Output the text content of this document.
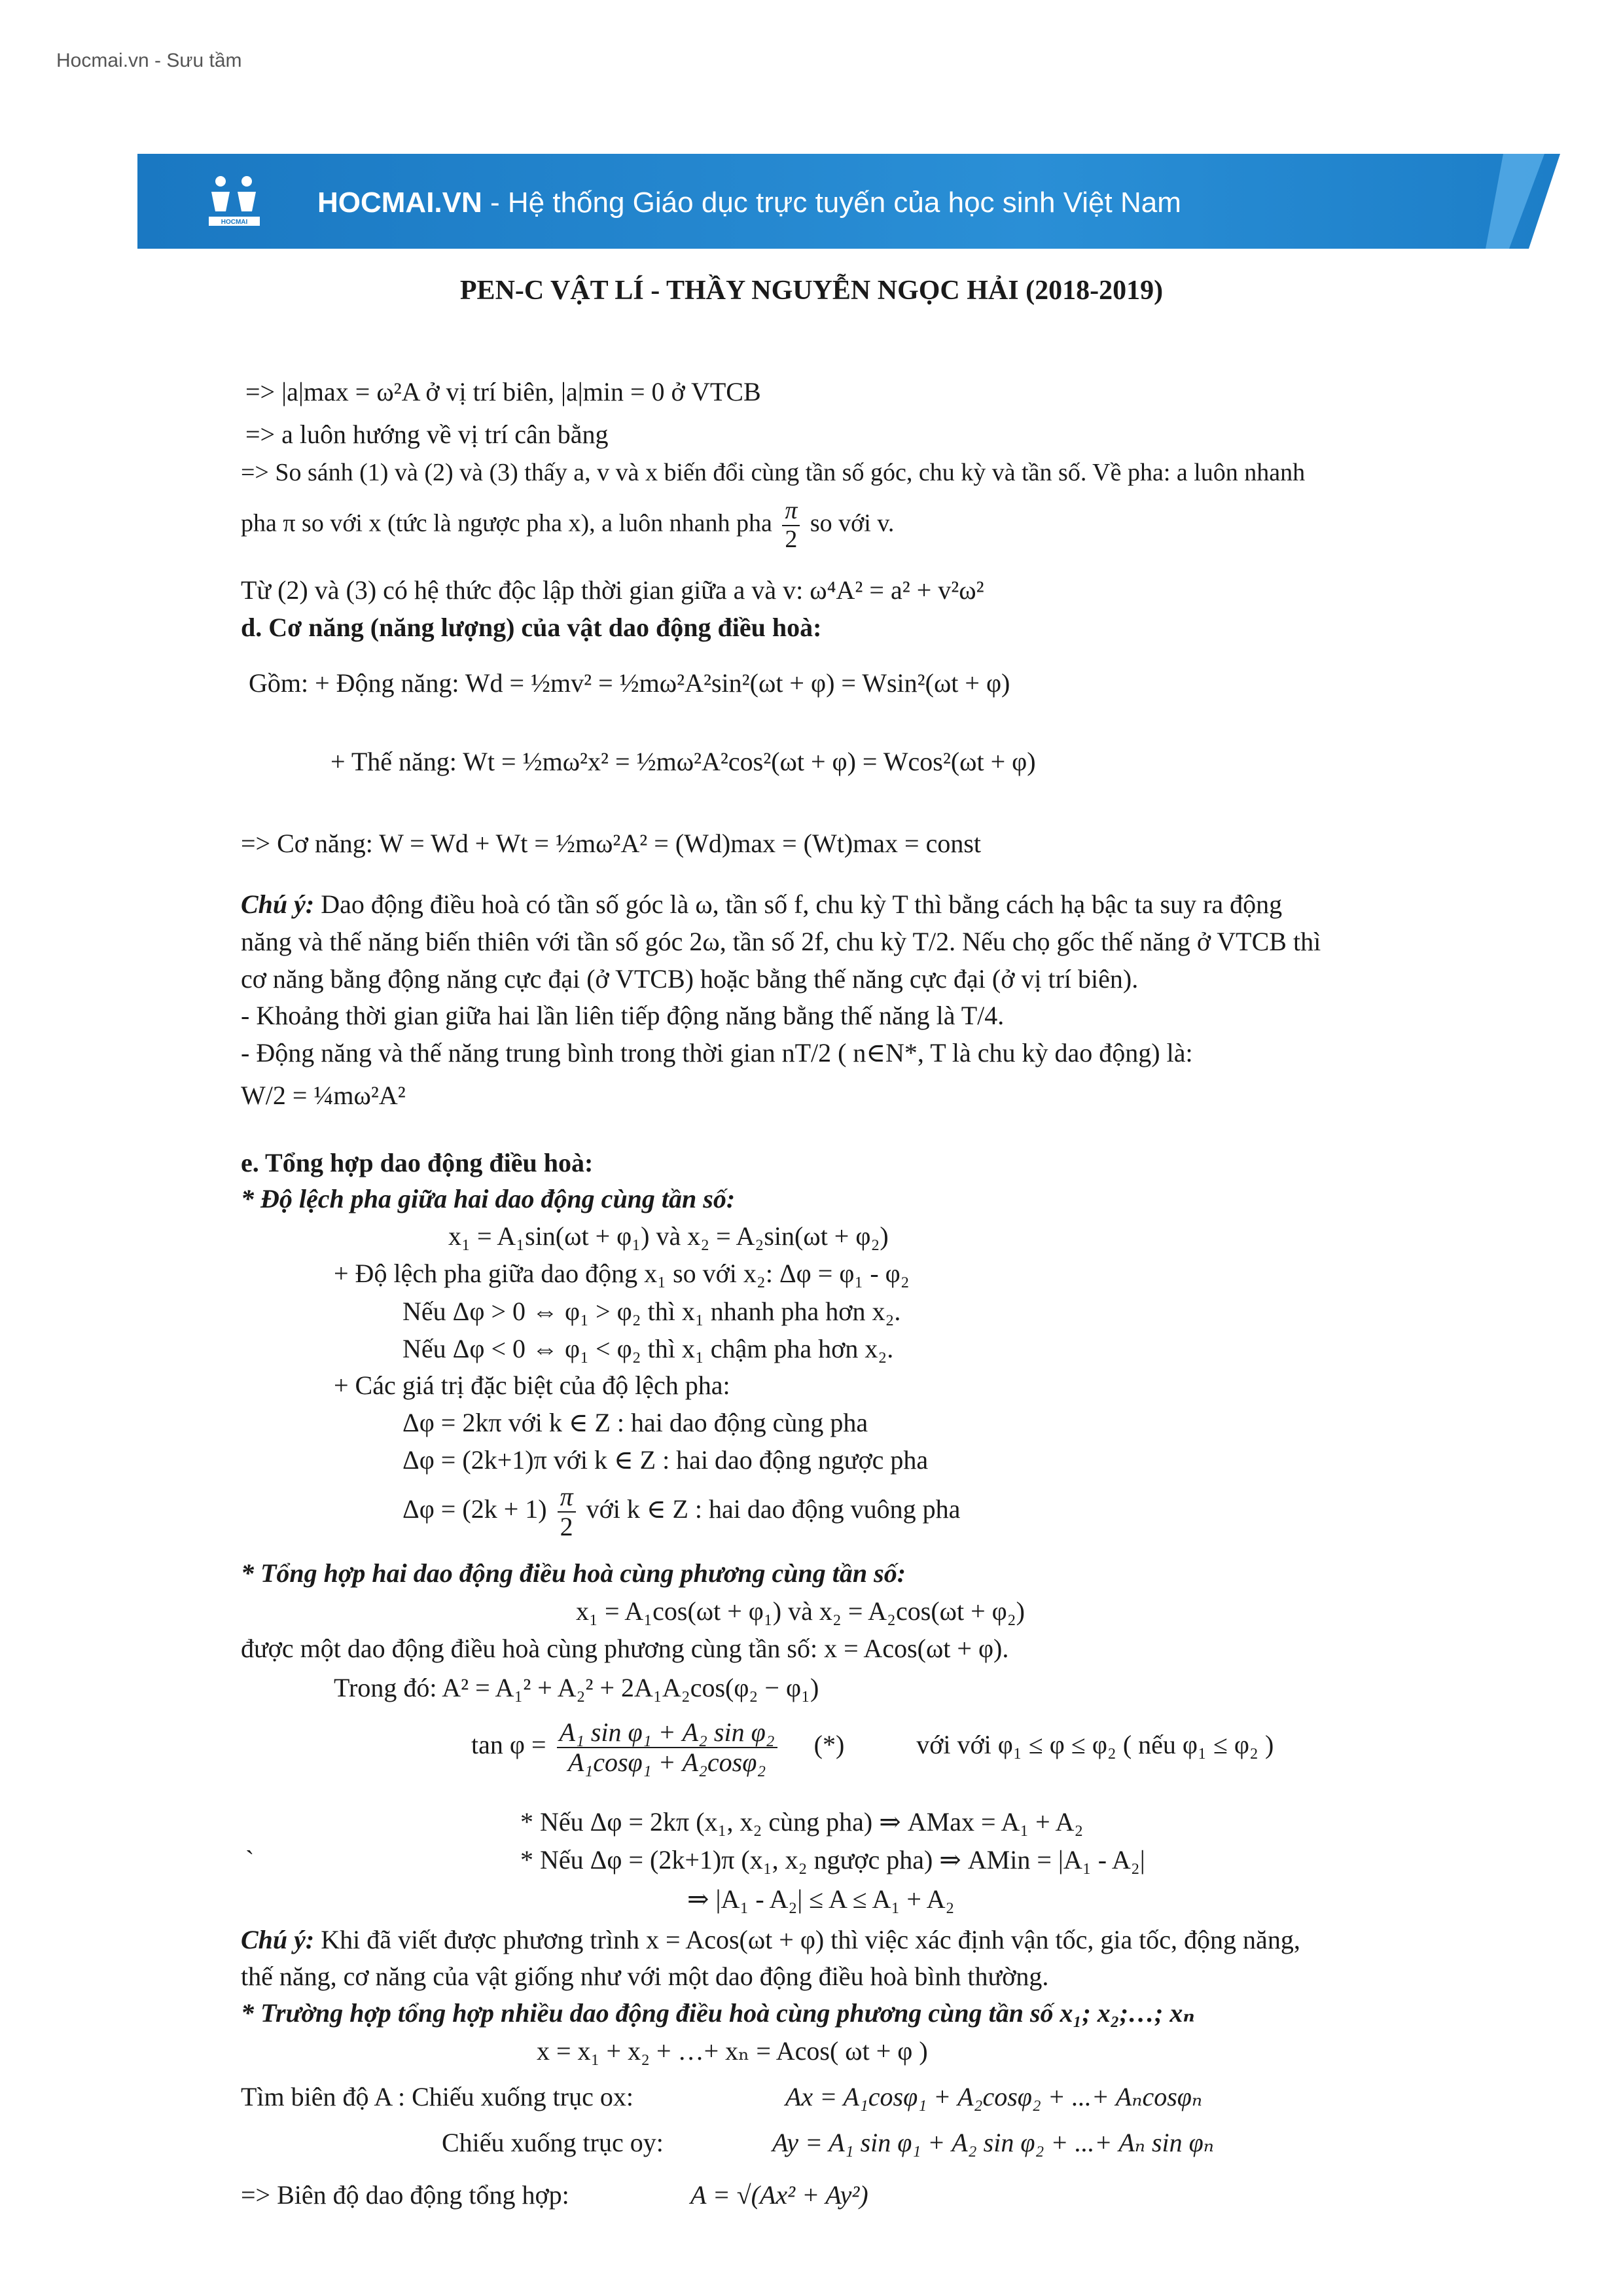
Hocmai.vn - Sưu tầm
HOCMAI
HOCMAI.VN - Hệ thống Giáo dục trực tuyến của học sinh Việt Nam
PEN-C VẬT LÍ - THẦY NGUYỄN NGỌC HẢI (2018-2019)
=> |a|max = ω²A ở vị trí biên, |a|min = 0 ở VTCB
=> a luôn hướng về vị trí cân bằng
=> So sánh (1) và (2) và (3) thấy a, v và x biến đổi cùng tần số góc, chu kỳ và tần số. Về pha: a luôn nhanh
pha π so với x (tức là ngược pha x), a luôn nhanh pha $\frac{\pi}{2}$ so với v.
Từ (2) và (3) có hệ thức độc lập thời gian giữa a và v: ω⁴A² = a² + v²ω²
d. Cơ năng (năng lượng) của vật dao động điều hoà:
Gồm: + Động năng: Wd = ½mv² = ½mω²A²sin²(ωt + φ) = Wsin²(ωt + φ)
+ Thế năng: Wt = ½mω²x² = ½mω²A²cos²(ωt + φ) = Wcos²(ωt + φ)
=> Cơ năng: W = Wd + Wt = ½mω²A² = (Wd)max = (Wt)max = const
Chú ý: Dao động điều hoà có tần số góc là ω, tần số f, chu kỳ T thì bằng cách hạ bậc ta suy ra động
năng và thế năng biến thiên với tần số góc 2ω, tần số 2f, chu kỳ T/2. Nếu chọ gốc thế năng ở VTCB thì
cơ năng bằng động năng cực đại (ở VTCB) hoặc bằng thế năng cực đại (ở vị trí biên).
- Khoảng thời gian giữa hai lần liên tiếp động năng bằng thế năng là T/4.
- Động năng và thế năng trung bình trong thời gian nT/2 ( n∈N*, T là chu kỳ dao động) là:
W/2 = ¼mω²A²
e. Tổng hợp dao động điều hoà:
* Độ lệch pha giữa hai dao động cùng tần số:
x₁ = A₁sin(ωt + φ₁) và x₂ = A₂sin(ωt + φ₂)
+ Độ lệch pha giữa dao động x₁ so với x₂: Δφ = φ₁ - φ₂
Nếu Δφ > 0 ⇔ φ₁ > φ₂ thì x₁ nhanh pha hơn x₂.
Nếu Δφ < 0 ⇔ φ₁ < φ₂ thì x₁ chậm pha hơn x₂.
+ Các giá trị đặc biệt của độ lệch pha:
Δφ = 2kπ với k ∈ Z : hai dao động cùng pha
Δφ = (2k+1)π với k ∈ Z : hai dao động ngược pha
$\Delta\varphi = (2k + 1) \frac{\pi}{2}$ với k ∈ Z : hai dao động vuông pha
* Tổng hợp hai dao động điều hoà cùng phương cùng tần số:
x₁ = A₁cos(ωt + φ₁) và x₂ = A₂cos(ωt + φ₂)
được một dao động điều hoà cùng phương cùng tần số: x = Acos(ωt + φ).
Trong đó: A² = A₁² + A₂² + 2A₁A₂cos(φ₂ − φ₁)
$\tan \varphi = \frac{\text{A₁ sin φ₁ + A₂ sin φ₂}}{\text{A₁cosφ₁ + A₂cosφ₂}}$ (*)	với với φ₁ ≤ φ ≤ φ₂ ( nếu φ₁ ≤ φ₂ )
* Nếu Δφ = 2kπ (x₁, x₂ cùng pha) ⇒ AMax = A₁ + A₂
`	* Nếu Δφ = (2k+1)π (x₁, x₂ ngược pha) ⇒ AMin = |A₁ - A₂|
⇒ |A₁ - A₂| ≤ A ≤ A₁ + A₂
Chú ý: Khi đã viết được phương trình x = Acos(ωt + φ) thì việc xác định vận tốc, gia tốc, động năng,
thế năng, cơ năng của vật giống như với một dao động điều hoà bình thường.
* Trường hợp tổng hợp nhiều dao động điều hoà cùng phương cùng tần số x₁; x₂;…; xₙ
x = x₁ + x₂ + …+ xₙ = Acos( ωt + φ )
Tìm biên độ A : Chiếu xuống trục ox:	Ax = A₁cosφ₁ + A₂cosφ₂ + ...+ Aₙcosφₙ
Chiếu xuống trục oy:	Ay = A₁ sin φ₁ + A₂ sin φ₂ + ...+ Aₙ sin φₙ
=> Biên độ dao động tổng hợp:	A = √(Ax² + Ay²)
